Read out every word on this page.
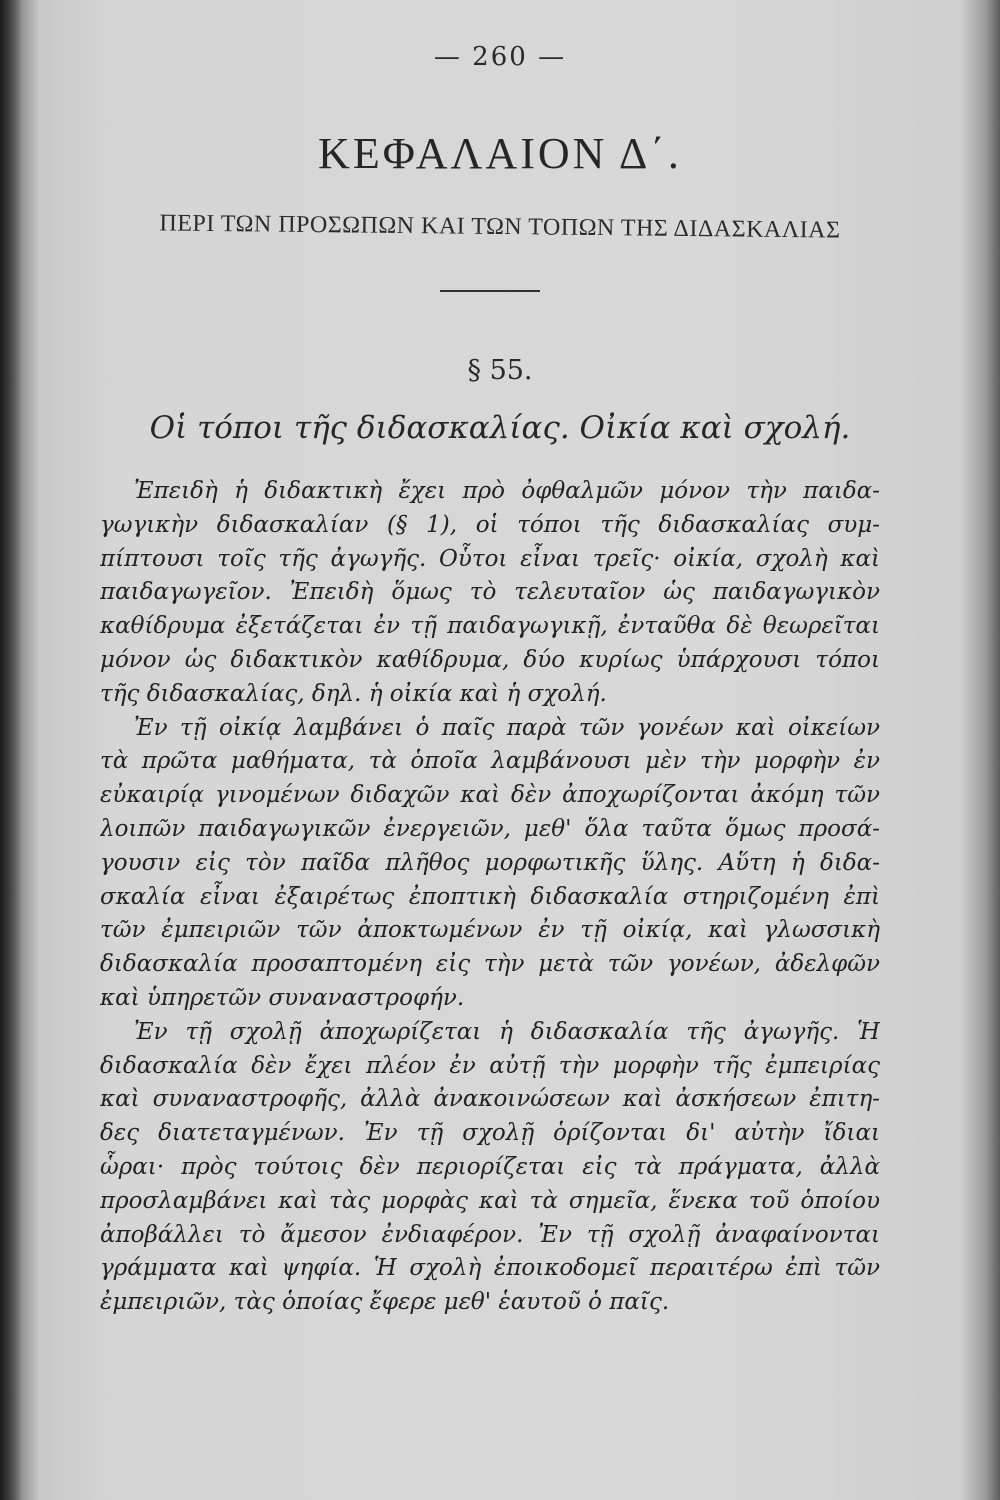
— 260 —
ΚΕΦΑΛΑΙΟΝ Δ΄.
ΠΕΡΙ ΤΩΝ ΠΡΟΣΩΠΩΝ ΚΑΙ ΤΩΝ ΤΟΠΩΝ ΤΗΣ ΔΙΔΑΣΚΑΛΙΑΣ
§ 55.
Οἱ τόποι τῆς διδασκαλίας. Οἰκία καὶ σχολή.
Ἐπειδὴ ἡ διδακτικὴ ἔχει πρὸ ὀφθαλμῶν μόνον τὴν παιδα-
γωγικὴν διδασκαλίαν (§ 1), οἱ τόποι τῆς διδασκαλίας συμ-
πίπτουσι τοῖς τῆς ἀγωγῆς. Οὗτοι εἶναι τρεῖς· οἰκία, σχολὴ καὶ
παιδαγωγεῖον. Ἐπειδὴ ὅμως τὸ τελευταῖον ὡς παιδαγωγικὸν
καθίδρυμα ἐξετάζεται ἐν τῇ παιδαγωγικῇ, ἐνταῦθα δὲ θεωρεῖται
μόνον ὡς διδακτικὸν καθίδρυμα, δύο κυρίως ὑπάρχουσι τόποι
τῆς διδασκαλίας, δηλ. ἡ οἰκία καὶ ἡ σχολή.
Ἐν τῇ οἰκίᾳ λαμβάνει ὁ παῖς παρὰ τῶν γονέων καὶ οἰκείων
τὰ πρῶτα μαθήματα, τὰ ὁποῖα λαμβάνουσι μὲν τὴν μορφὴν ἐν
εὐκαιρίᾳ γινομένων διδαχῶν καὶ δὲν ἀποχωρίζονται ἀκόμη τῶν
λοιπῶν παιδαγωγικῶν ἐνεργειῶν, μεθ' ὅλα ταῦτα ὅμως προσά-
γουσιν εἰς τὸν παῖδα πλῆθος μορφωτικῆς ὕλης. Αὕτη ἡ διδα-
σκαλία εἶναι ἐξαιρέτως ἐποπτικὴ διδασκαλία στηριζομένη ἐπὶ
τῶν ἐμπειριῶν τῶν ἀποκτωμένων ἐν τῇ οἰκίᾳ, καὶ γλωσσικὴ
διδασκαλία προσαπτομένη εἰς τὴν μετὰ τῶν γονέων, ἀδελφῶν
καὶ ὑπηρετῶν συναναστροφήν.
Ἐν τῇ σχολῇ ἀποχωρίζεται ἡ διδασκαλία τῆς ἀγωγῆς. Ἡ
διδασκαλία δὲν ἔχει πλέον ἐν αὐτῇ τὴν μορφὴν τῆς ἐμπειρίας
καὶ συναναστροφῆς, ἀλλὰ ἀνακοινώσεων καὶ ἀσκήσεων ἐπιτη-
δες διατεταγμένων. Ἐν τῇ σχολῇ ὁρίζονται δι' αὐτὴν ἴδιαι
ὧραι· πρὸς τούτοις δὲν περιορίζεται εἰς τὰ πράγματα, ἀλλὰ
προσλαμβάνει καὶ τὰς μορφὰς καὶ τὰ σημεῖα, ἕνεκα τοῦ ὁποίου
ἀποβάλλει τὸ ἄμεσον ἐνδιαφέρον. Ἐν τῇ σχολῇ ἀναφαίνονται
γράμματα καὶ ψηφία. Ἡ σχολὴ ἐποικοδομεῖ περαιτέρω ἐπὶ τῶν
ἐμπειριῶν, τὰς ὁποίας ἔφερε μεθ' ἑαυτοῦ ὁ παῖς.
